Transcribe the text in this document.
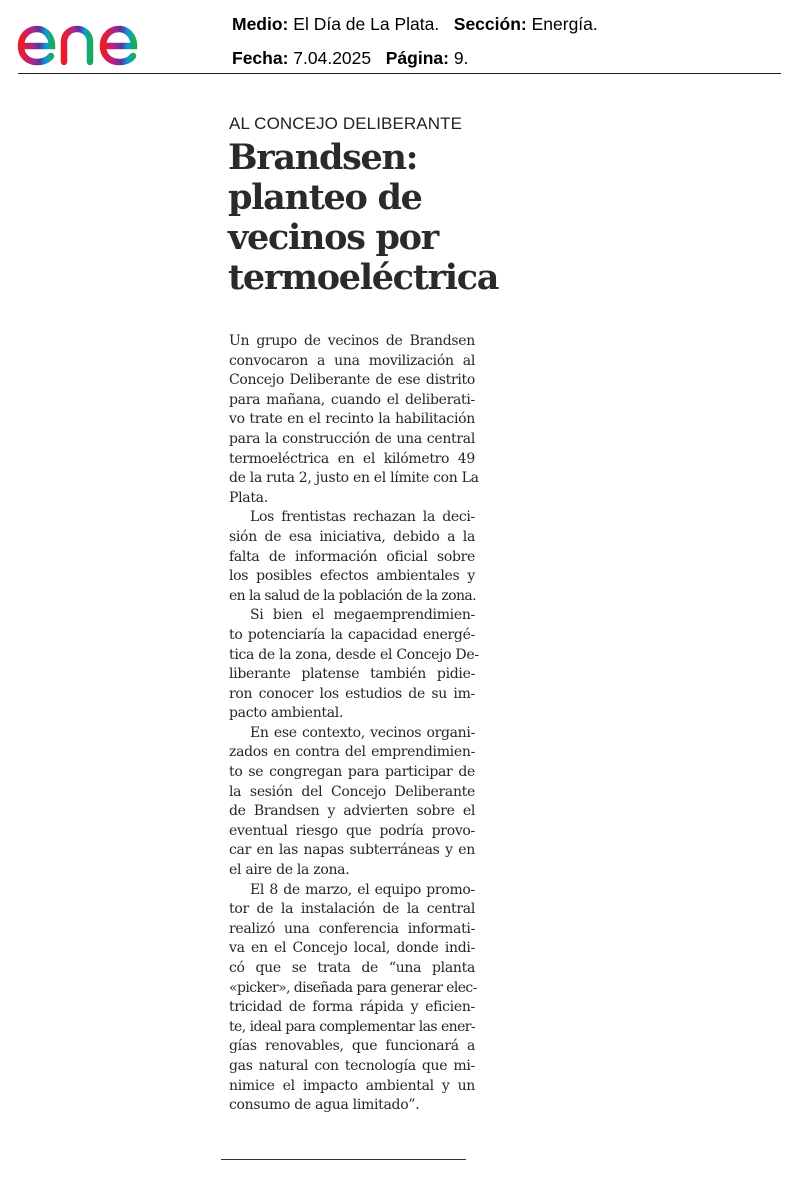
Medio: El Día de La Plata. Sección: Energía.
Fecha: 7.04.2025 Página: 9.
AL CONCEJO DELIBERANTE
Brandsen:
planteo de
vecinos por
termoeléctrica
Un grupo de vecinos de Brandsen
convocaron a una movilización al
Concejo Deliberante de ese distrito
para mañana, cuando el deliberati-
vo trate en el recinto la habilitación
para la construcción de una central
termoeléctrica en el kilómetro 49
de la ruta 2, justo en el límite con La
Plata.
Los frentistas rechazan la deci-
sión de esa iniciativa, debido a la
falta de información oficial sobre
los posibles efectos ambientales y
en la salud de la población de la zona.
Si bien el megaemprendimien-
to potenciaría la capacidad energé-
tica de la zona, desde el Concejo De-
liberante platense también pidie-
ron conocer los estudios de su im-
pacto ambiental.
En ese contexto, vecinos organi-
zados en contra del emprendimien-
to se congregan para participar de
la sesión del Concejo Deliberante
de Brandsen y advierten sobre el
eventual riesgo que podría provo-
car en las napas subterráneas y en
el aire de la zona.
El 8 de marzo, el equipo promo-
tor de la instalación de la central
realizó una conferencia informati-
va en el Concejo local, donde indi-
có que se trata de “una planta
«picker», diseñada para generar elec-
tricidad de forma rápida y eficien-
te, ideal para complementar las ener-
gías renovables, que funcionará a
gas natural con tecnología que mi-
nimice el impacto ambiental y un
consumo de agua limitado”.
